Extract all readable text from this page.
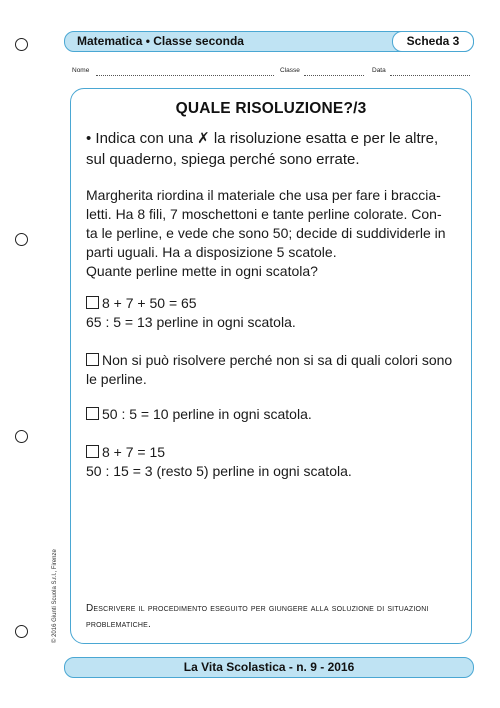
Matematica • Classe seconda	Scheda 3
Nome	Classe	Data
QUALE RISOLUZIONE?/3
• Indica con una ✗ la risoluzione esatta e per le altre, sul quaderno, spiega perché sono errate.
Margherita riordina il materiale che usa per fare i braccia-
letti. Ha 8 fili, 7 moschettoni e tante perline colorate. Con-
ta le perline, e vede che sono 50; decide di suddividerle in
parti uguali. Ha a disposizione 5 scatole.
Quante perline mette in ogni scatola?
8 + 7 + 50 = 65
65 : 5 = 13 perline in ogni scatola.
Non si può risolvere perché non si sa di quali colori sono
le perline.
50 : 5 = 10 perline in ogni scatola.
8 + 7 = 15
50 : 15 = 3 (resto 5) perline in ogni scatola.
Descrivere il procedimento eseguito per giungere alla soluzione di situazioni problematiche.
© 2016 Giunti Scuola S.r.l., Firenze
La Vita Scolastica - n. 9 - 2016
